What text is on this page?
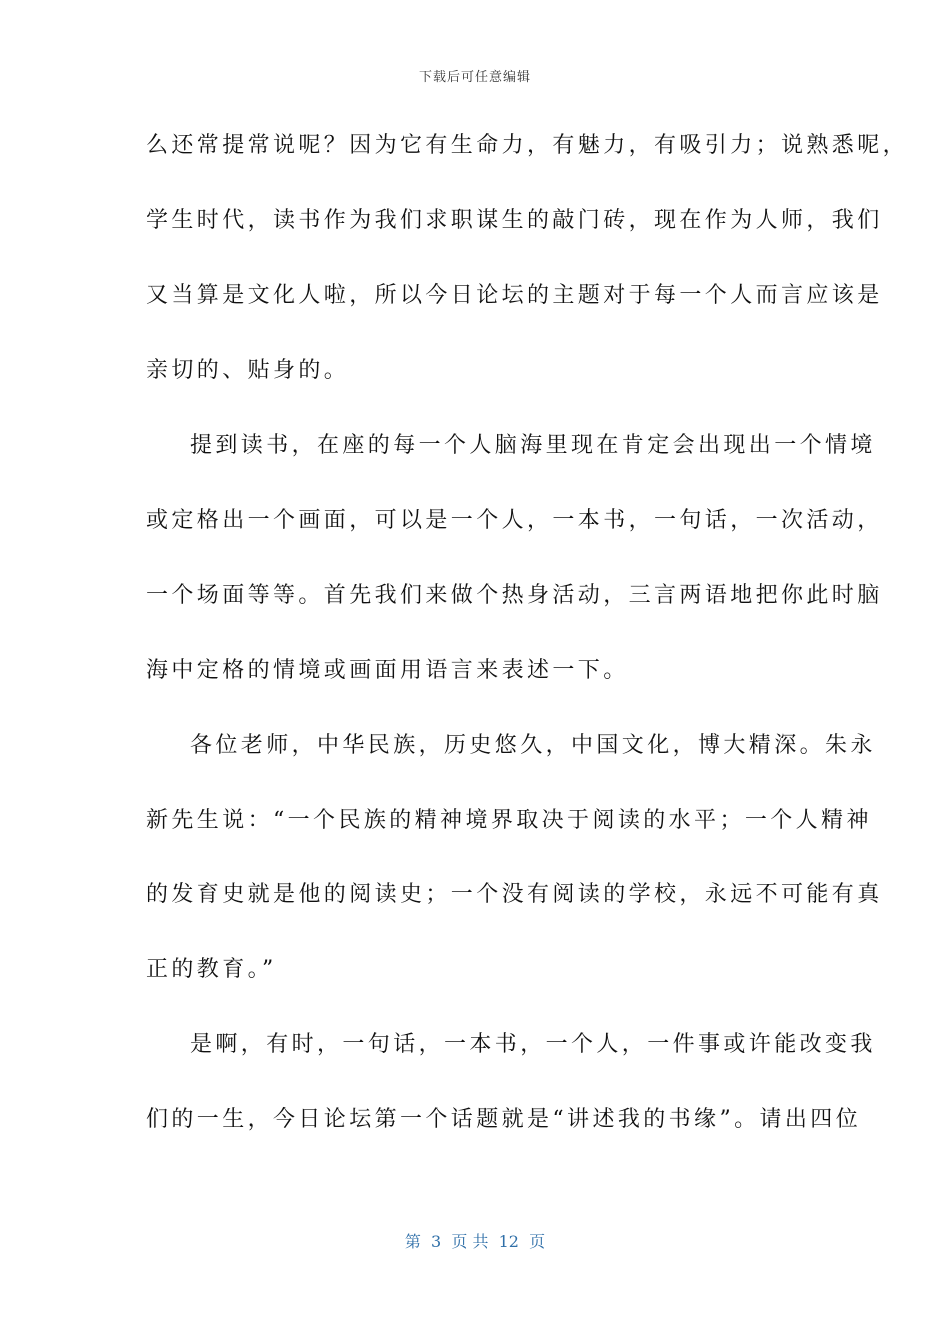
下载后可任意编辑
么还常提常说呢？因为它有生命力，有魅力，有吸引力；说熟悉呢，
学生时代，读书作为我们求职谋生的敲门砖，现在作为人师，我们
又当算是文化人啦，所以今日论坛的主题对于每一个人而言应该是
亲切的、贴身的。
提到读书，在座的每一个人脑海里现在肯定会出现出一个情境
或定格出一个画面，可以是一个人，一本书，一句话，一次活动，
一个场面等等。首先我们来做个热身活动，三言两语地把你此时脑
海中定格的情境或画面用语言来表述一下。
各位老师，中华民族，历史悠久，中国文化，博大精深。朱永
新先生说：“一个民族的精神境界取决于阅读的水平；一个人精神
的发育史就是他的阅读史；一个没有阅读的学校，永远不可能有真
正的教育。”
是啊，有时，一句话，一本书，一个人，一件事或许能改变我
们的一生，今日论坛第一个话题就是“讲述我的书缘”。请出四位
第  3  页 共  12  页
